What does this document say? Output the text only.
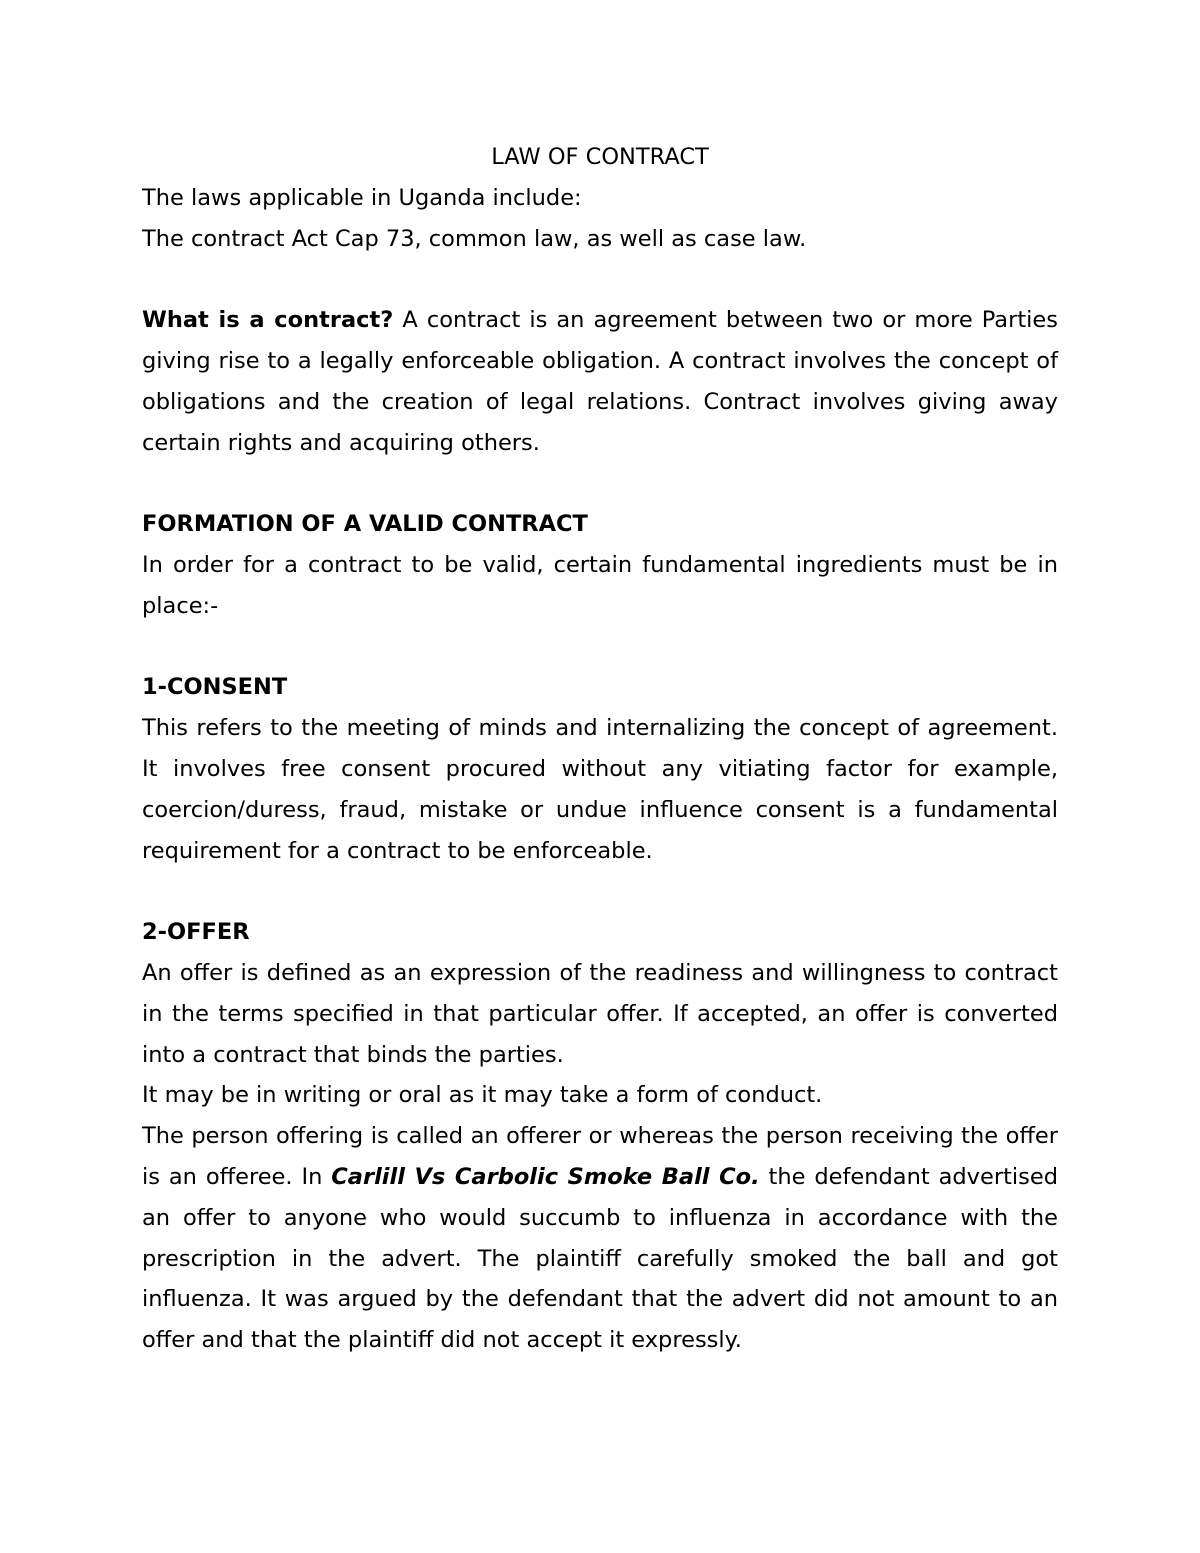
LAW OF CONTRACT

The laws applicable in Uganda include:

The contract Act Cap 73, common law, as well as case law.

What is a contract? A contract is an agreement between two or more Parties giving rise to a legally enforceable obligation. A contract involves the concept of obligations and the creation of legal relations. Contract involves giving away certain rights and acquiring others.

FORMATION OF A VALID CONTRACT

In order for a contract to be valid, certain fundamental ingredients must be in place:-

1-CONSENT

This refers to the meeting of minds and internalizing the concept of agreement. It involves free consent procured without any vitiating factor for example, coercion/duress, fraud, mistake or undue influence consent is a fundamental requirement for a contract to be enforceable.

2-OFFER

An offer is defined as an expression of the readiness and willingness to contract in the terms specified in that particular offer. If accepted, an offer is converted into a contract that binds the parties.

It may be in writing or oral as it may take a form of conduct.

The person offering is called an offerer or whereas the person receiving the offer is an offeree. In Carlill Vs Carbolic Smoke Ball Co. the defendant advertised an offer to anyone who would succumb to influenza in accordance with the prescription in the advert. The plaintiff carefully smoked the ball and got influenza. It was argued by the defendant that the advert did not amount to an offer and that the plaintiff did not accept it expressly.
